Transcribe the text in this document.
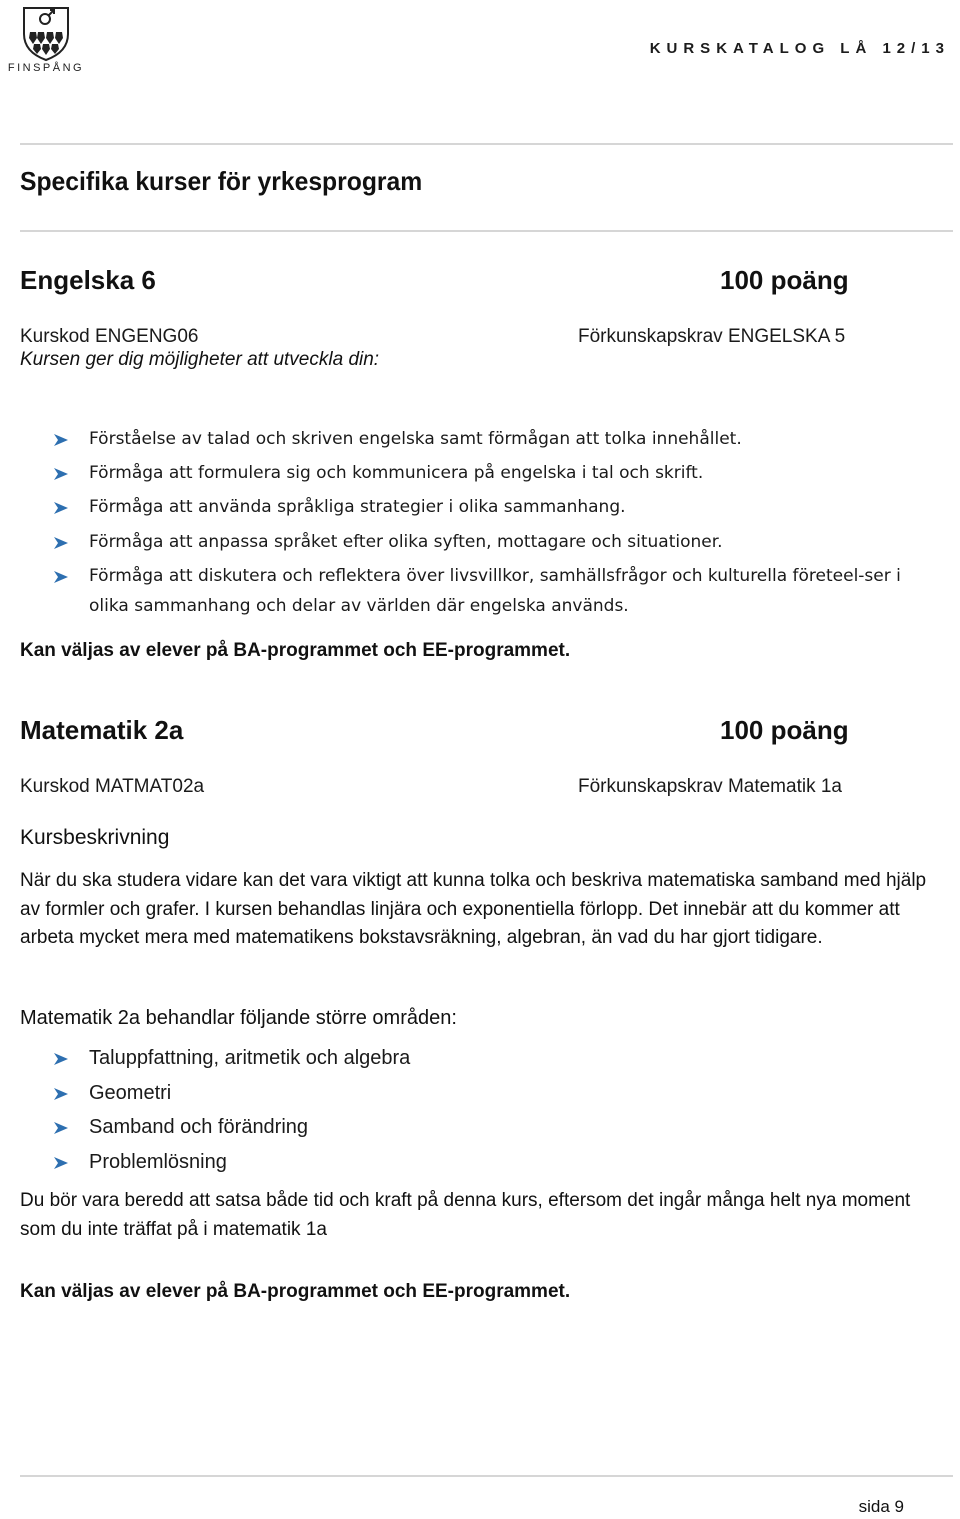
FINSPÅNG
KURSKATALOG LÅ 12/13
Specifika kurser för yrkesprogram
Engelska 6	100 poäng
Kurskod ENGENG06	Förkunskapskrav ENGELSKA 5
Kursen ger dig möjligheter att utveckla din:
Förståelse av talad och skriven engelska samt förmågan att tolka innehållet.
Förmåga att formulera sig och kommunicera på engelska i tal och skrift.
Förmåga att använda språkliga strategier i olika sammanhang.
Förmåga att anpassa språket efter olika syften, mottagare och situationer.
Förmåga att diskutera och reflektera över livsvillkor, samhällsfrågor och kulturella företeel-ser i olika sammanhang och delar av världen där engelska används.
Kan väljas av elever på BA-programmet och EE-programmet.
Matematik 2a	100 poäng
Kurskod MATMAT02a	Förkunskapskrav Matematik 1a
Kursbeskrivning
När du ska studera vidare kan det vara viktigt att kunna tolka och beskriva matematiska samband med hjälp av formler och grafer. I kursen behandlas linjära och exponentiella förlopp. Det innebär att du kommer att arbeta mycket mera med matematikens bokstavsräkning, algebran, än vad du har gjort tidigare.
Matematik 2a behandlar följande större områden:
Taluppfattning, aritmetik och algebra
Geometri
Samband och förändring
Problemlösning
Du bör vara beredd att satsa både tid och kraft på denna kurs, eftersom det ingår många helt nya moment som du inte träffat på i matematik 1a
Kan väljas av elever på BA-programmet och EE-programmet.
sida 9
